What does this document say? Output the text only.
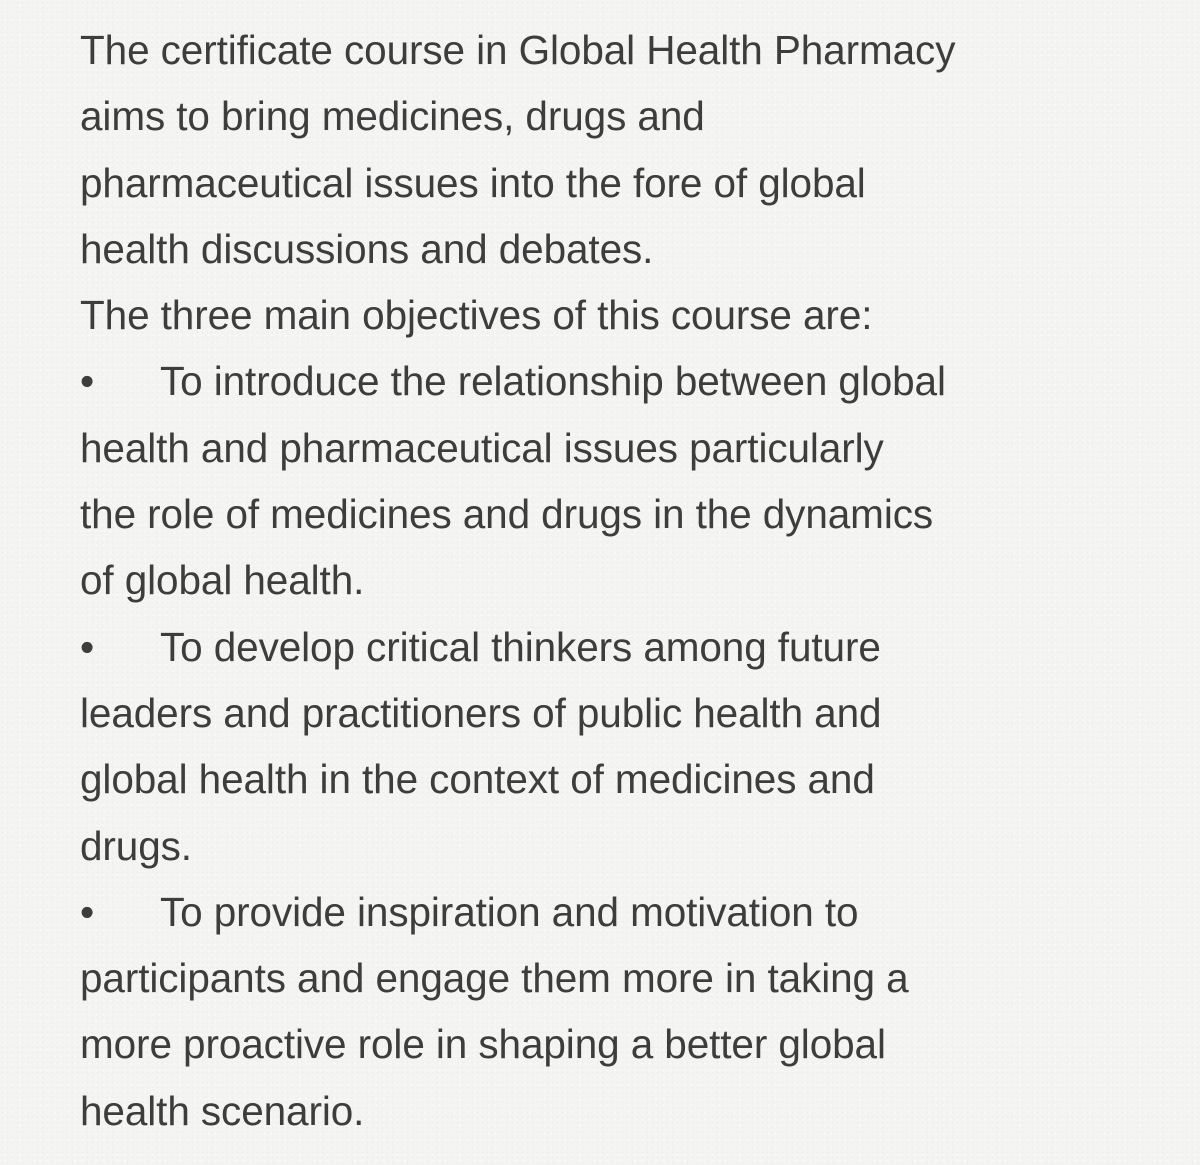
The certificate course in Global Health Pharmacy
aims to bring medicines, drugs and
pharmaceutical issues into the fore of global
health discussions and debates.
The three main objectives of this course are:
• To introduce the relationship between global
health and pharmaceutical issues particularly
the role of medicines and drugs in the dynamics
of global health.
• To develop critical thinkers among future
leaders and practitioners of public health and
global health in the context of medicines and
drugs.
• To provide inspiration and motivation to
participants and engage them more in taking a
more proactive role in shaping a better global
health scenario.
